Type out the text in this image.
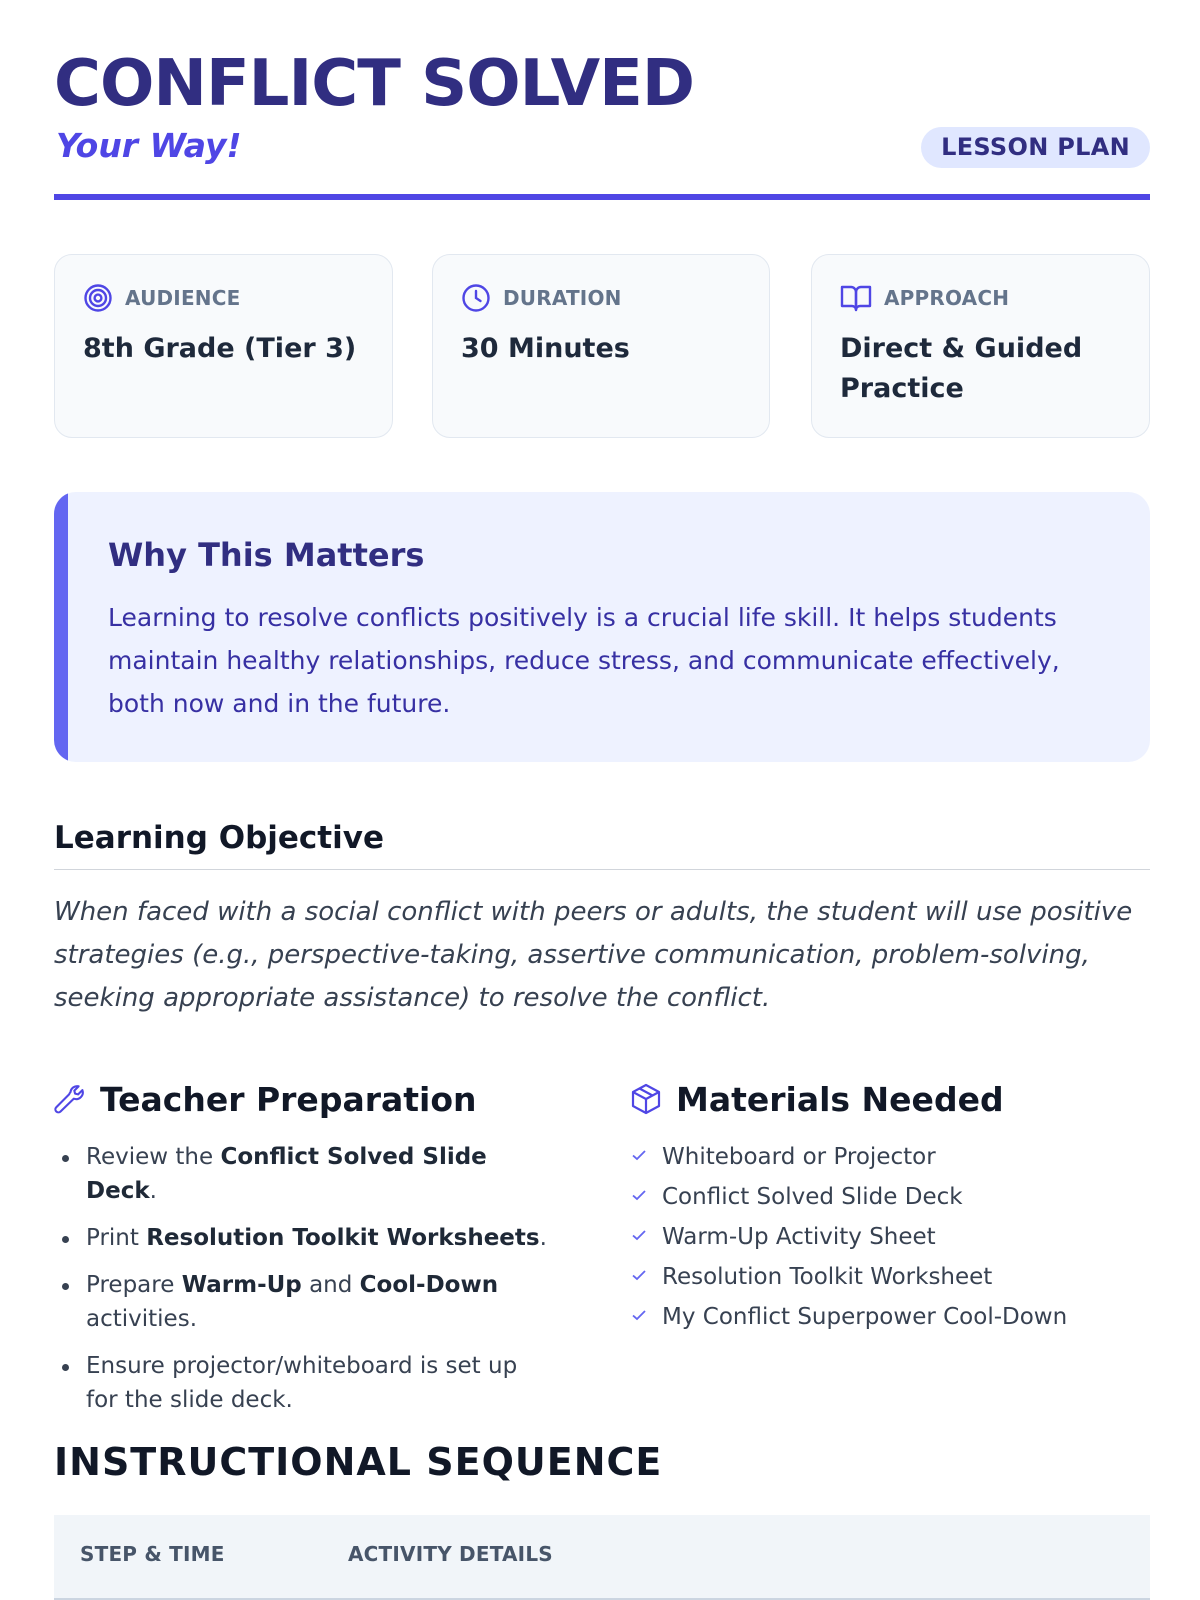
CONFLICT SOLVED
Your Way!	LESSON PLAN
AUDIENCE
8th Grade (Tier 3)
DURATION
30 Minutes
APPROACH
Direct & Guided Practice
Why This Matters
Learning to resolve conflicts positively is a crucial life skill. It helps students maintain healthy relationships, reduce stress, and communicate effectively, both now and in the future.
Learning Objective
When faced with a social conflict with peers or adults, the student will use positive strategies (e.g., perspective-taking, assertive communication, problem-solving, seeking appropriate assistance) to resolve the conflict.
Teacher Preparation
Review the Conflict Solved Slide Deck.
Print Resolution Toolkit Worksheets.
Prepare Warm-Up and Cool-Down activities.
Ensure projector/whiteboard is set up for the slide deck.
Materials Needed
Whiteboard or Projector
Conflict Solved Slide Deck
Warm-Up Activity Sheet
Resolution Toolkit Worksheet
My Conflict Superpower Cool-Down
INSTRUCTIONAL SEQUENCE
STEP & TIME	ACTIVITY DETAILS
